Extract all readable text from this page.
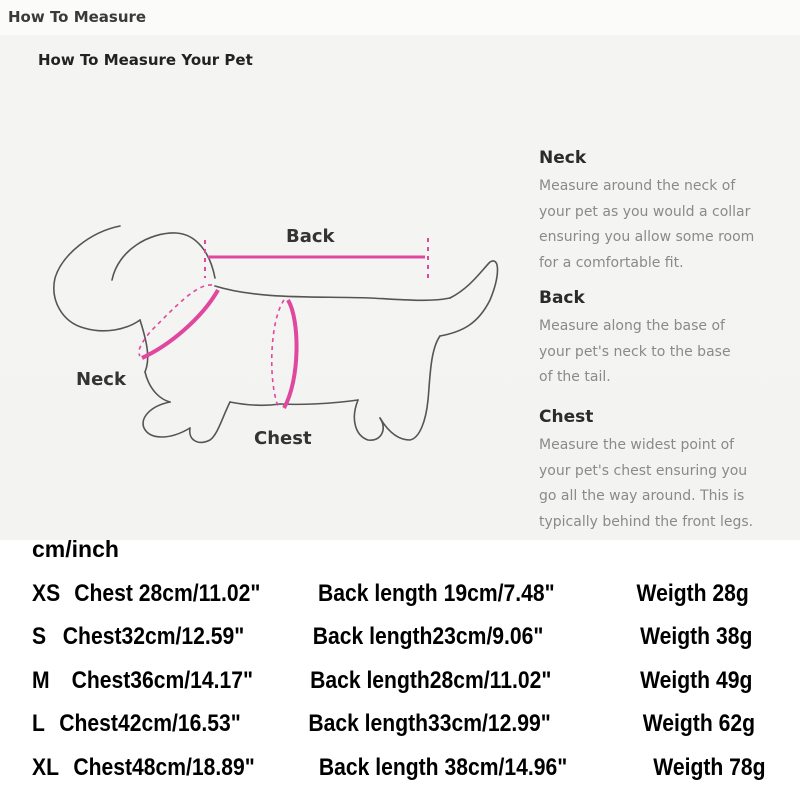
How To Measure
How To Measure Your Pet
Back
Neck
Chest
Neck
Measure around the neck of
your pet as you would a collar
ensuring you allow some room
for a comfortable fit.
Back
Measure along the base of
your pet's neck to the base
of the tail.
Chest
Measure the widest point of
your pet's chest ensuring you
go all the way around. This is
typically behind the front legs.
cm/inch
XS Chest 28cm/11.02" Back length 19cm/7.48"	Weigth 28g
S Chest32cm/12.59"	Back length23cm/9.06"	Weigth 38g
M Chest36cm/14.17" Back length28cm/11.02"	Weigth 49g
L Chest42cm/16.53"	Back length33cm/12.99"	Weigth 62g
XL Chest48cm/18.89"	Back length 38cm/14.96"	Weigth 78g
